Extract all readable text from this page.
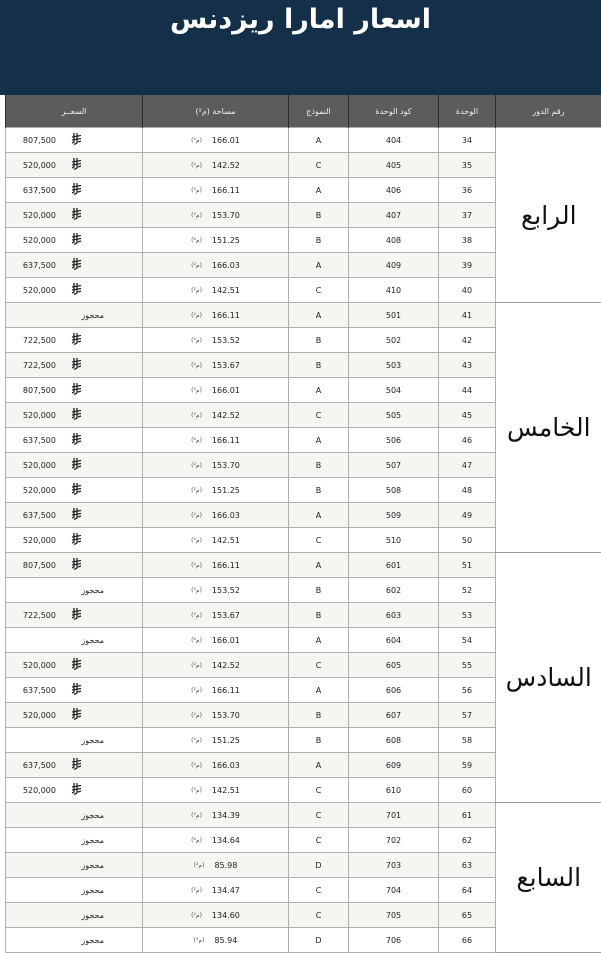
اسعار امارا ريزدنس
رقم الدور	الوحدة	كود الوحدة	النموذج	مساحة (م²)	السعــر
الرابع	34	404	A	(م²) 166.01	807,500

	35	405	C	(م²) 142.52	520,000

	36	406	A	(م²) 166.11	637,500

	37	407	B	(م²) 153.70	520,000

	38	408	B	(م²) 151.25	520,000

	39	409	A	(م²) 166.03	637,500

	40	410	C	(م²) 142.51	520,000

الخامس	41	501	A	(م²) 166.11	محجوز

	42	502	B	(م²) 153.52	722,500

	43	503	B	(م²) 153.67	722,500

	44	504	A	(م²) 166.01	807,500

	45	505	C	(م²) 142.52	520,000

	46	506	A	(م²) 166.11	637,500

	47	507	B	(م²) 153.70	520,000

	48	508	B	(م²) 151.25	520,000

	49	509	A	(م²) 166.03	637,500

	50	510	C	(م²) 142.51	520,000

السادس	51	601	A	(م²) 166.11	807,500

	52	602	B	(م²) 153.52	محجوز

	53	603	B	(م²) 153.67	722,500

	54	604	A	(م²) 166.01	محجوز

	55	605	C	(م²) 142.52	520,000

	56	606	A	(م²) 166.11	637,500

	57	607	B	(م²) 153.70	520,000

	58	608	B	(م²) 151.25	محجوز

	59	609	A	(م²) 166.03	637,500

	60	610	C	(م²) 142.51	520,000

السابع	61	701	C	(م²) 134.39	محجوز

	62	702	C	(م²) 134.64	محجوز

	63	703	D	(م²) 85.98	محجوز

	64	704	C	(م²) 134.47	محجوز

	65	705	C	(م²) 134.60	محجوز

	66	706	D	(م²) 85.94	محجوز
